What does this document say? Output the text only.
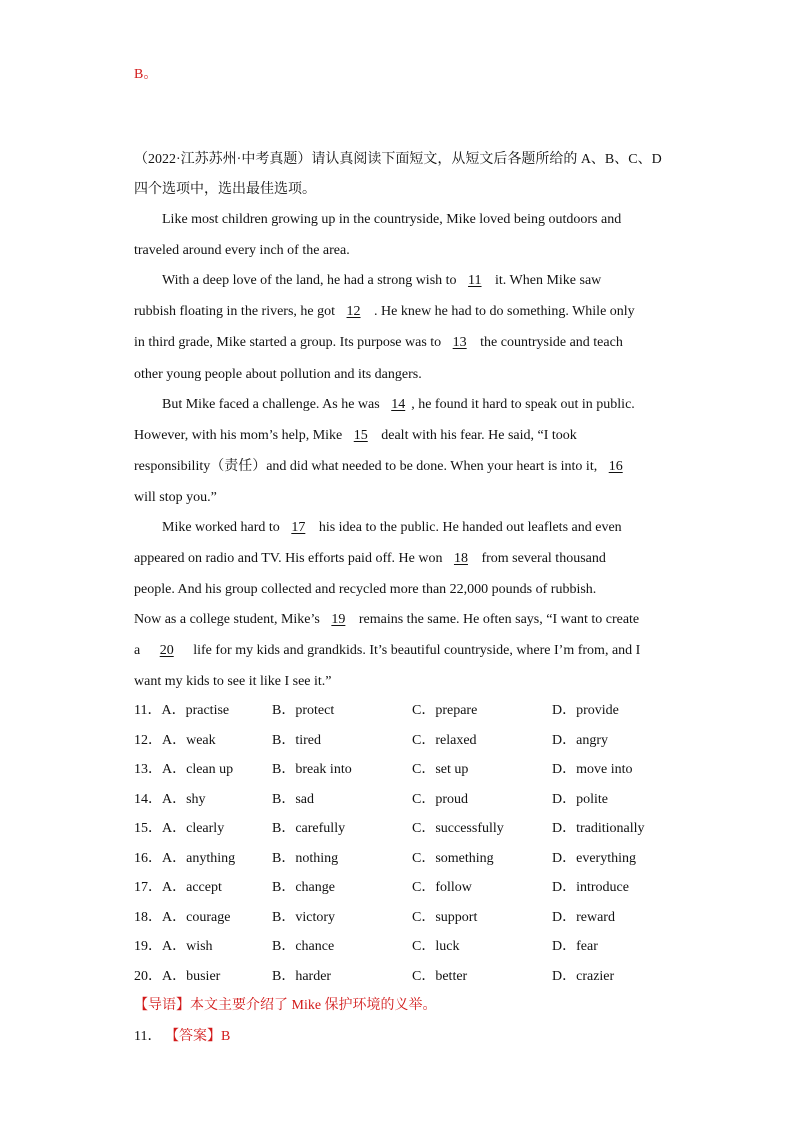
B。
（2022·江苏苏州·中考真题）请认真阅读下面短文，从短文后各题所给的 A、B、C、D
四个选项中，选出最佳选项。
Like most children growing up in the countryside, Mike loved being outdoors and
traveled around every inch of the area.
With a deep love of the land, he had a strong wish to 11 it. When Mike saw
rubbish floating in the rivers, he got 12 . He knew he had to do something. While only
in third grade, Mike started a group. Its purpose was to 13 the countryside and teach
other young people about pollution and its dangers.
But Mike faced a challenge. As he was 14 , he found it hard to speak out in public.
However, with his mom’s help, Mike 15 dealt with his fear. He said, “I took
responsibility（责任）and did what needed to be done. When your heart is into it, 16
will stop you.”
Mike worked hard to 17 his idea to the public. He handed out leaflets and even
appeared on radio and TV. His efforts paid off. He won 18 from several thousand
people. And his group collected and recycled more than 22,000 pounds of rubbish.
Now as a college student, Mike’s 19 remains the same. He often says, “I want to create
a 20 life for my kids and grandkids. It’s beautiful countryside, where I’m from, and I
want my kids to see it like I see it.”
11．A．practise	B．protect	C．prepare	D．provide
12．A．weak	B．tired	C．relaxed	D．angry
13．A．clean up	B．break into	C．set up	D．move into
14．A．shy	B．sad	C．proud	D．polite
15．A．clearly	B．carefully	C．successfully	D．traditionally
16．A．anything	B．nothing	C．something	D．everything
17．A．accept	B．change	C．follow	D．introduce
18．A．courage	B．victory	C．support	D．reward
19．A．wish	B．chance	C．luck	D．fear
20．A．busier	B．harder	C．better	D．crazier
【导语】本文主要介绍了 Mike 保护环境的义举。
11． 【答案】B
